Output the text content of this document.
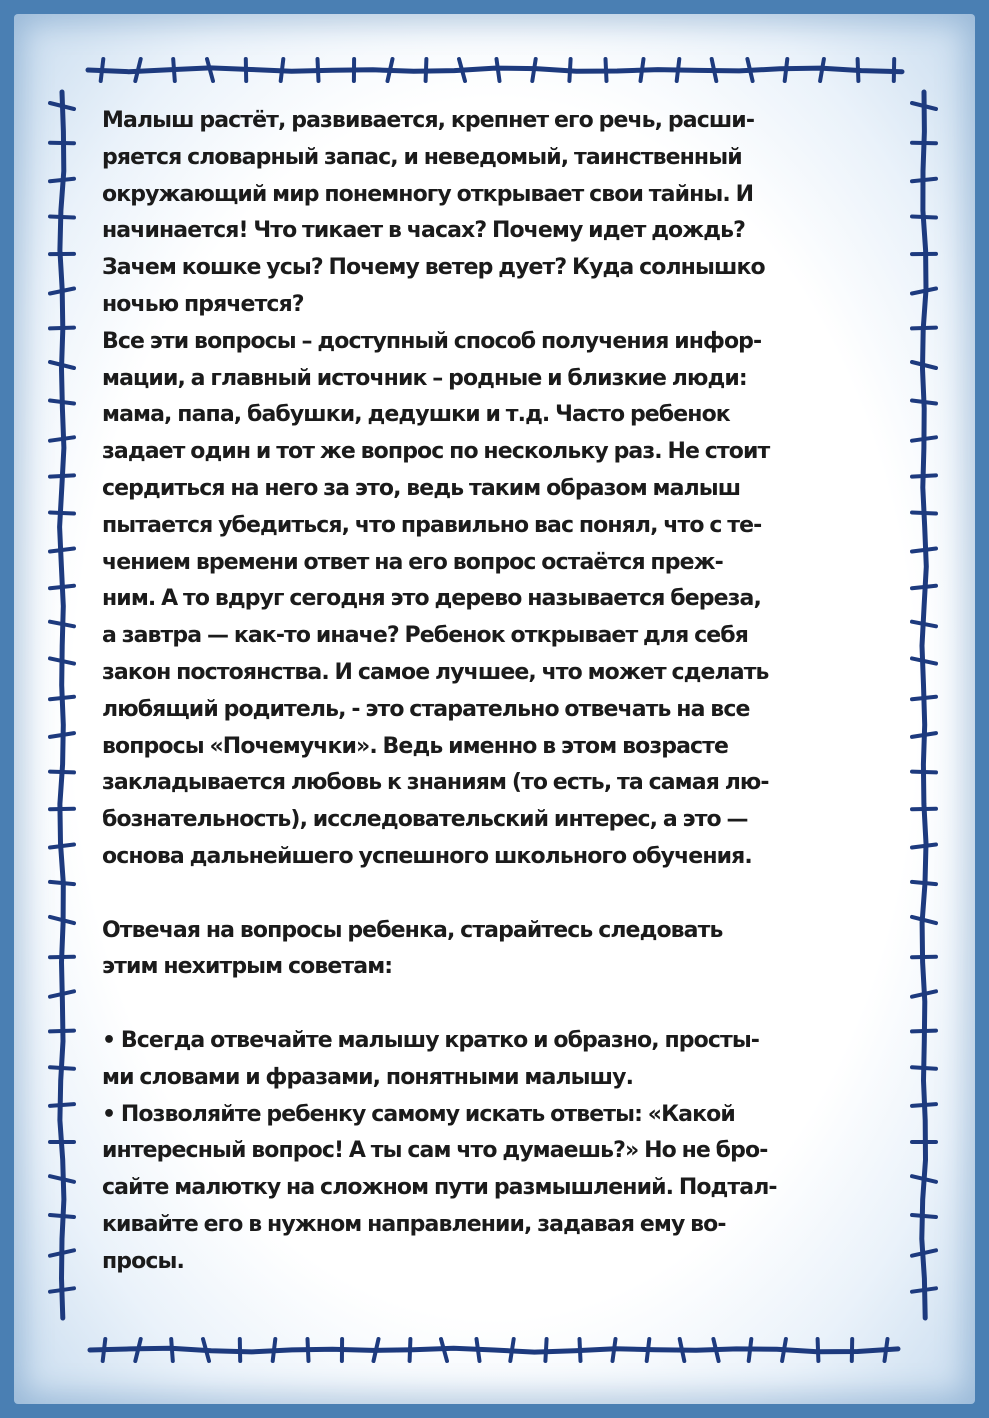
Малыш растёт, развивается, крепнет его речь, расши-
ряется словарный запас, и неведомый, таинственный
окружающий мир понемногу открывает свои тайны. И
начинается! Что тикает в часах? Почему идет дождь?
Зачем кошке усы? Почему ветер дует? Куда солнышко
ночью прячется?
Все эти вопросы – доступный способ получения инфор-
мации, а главный источник – родные и близкие люди:
мама, папа, бабушки, дедушки и т.д. Часто ребенок
задает один и тот же вопрос по нескольку раз. Не стоит
сердиться на него за это, ведь таким образом малыш
пытается убедиться, что правильно вас понял, что с те-
чением времени ответ на его вопрос остаётся преж-
ним. А то вдруг сегодня это дерево называется береза,
а завтра — как-то иначе? Ребенок открывает для себя
закон постоянства. И самое лучшее, что может сделать
любящий родитель, - это старательно отвечать на все
вопросы «Почемучки». Ведь именно в этом возрасте
закладывается любовь к знаниям (то есть, та самая лю-
бознательность), исследовательский интерес, а это —
основа дальнейшего успешного школьного обучения.
Отвечая на вопросы ребенка, старайтесь следовать
этим нехитрым советам:
• Всегда отвечайте малышу кратко и образно, просты-
ми словами и фразами, понятными малышу.
• Позволяйте ребенку самому искать ответы: «Какой
интересный вопрос! А ты сам что думаешь?» Но не бро-
сайте малютку на сложном пути размышлений. Подтал-
кивайте его в нужном направлении, задавая ему во-
просы.
